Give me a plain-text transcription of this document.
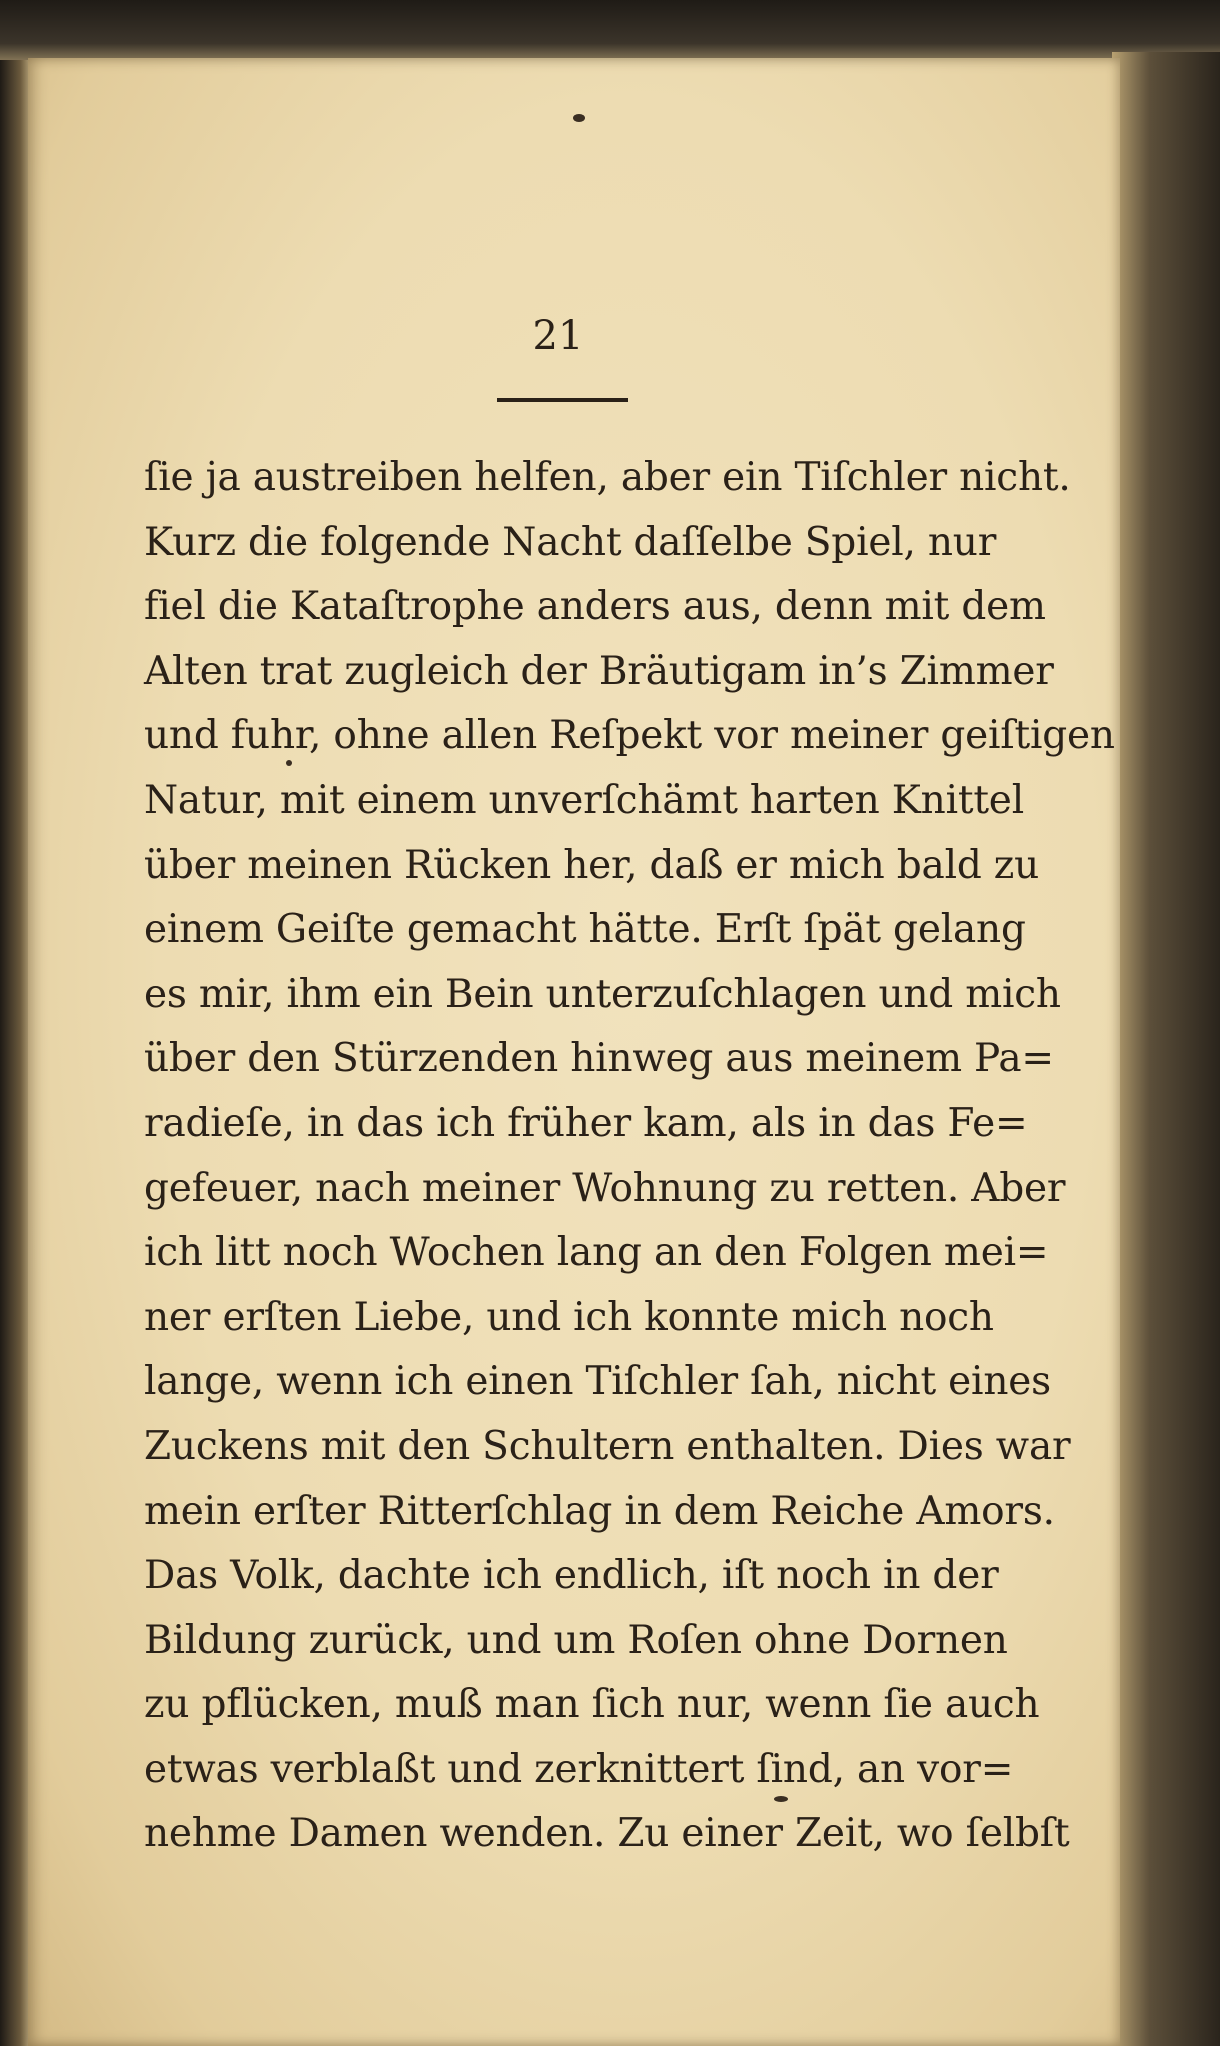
21
ſie ja austreiben helfen, aber ein Tiſchler nicht.
Kurz die folgende Nacht daſſelbe Spiel, nur
fiel die Kataſtrophe anders aus, denn mit dem
Alten trat zugleich der Bräutigam in’s Zimmer
und fuhr, ohne allen Reſpekt vor meiner geiſtigen
Natur, mit einem unverſchämt harten Knittel
über meinen Rücken her, daß er mich bald zu
einem Geiſte gemacht hätte. Erſt ſpät gelang
es mir, ihm ein Bein unterzuſchlagen und mich
über den Stürzenden hinweg aus meinem Pa=
radieſe, in das ich früher kam, als in das Fe=
gefeuer, nach meiner Wohnung zu retten. Aber
ich litt noch Wochen lang an den Folgen mei=
ner erſten Liebe, und ich konnte mich noch
lange, wenn ich einen Tiſchler ſah, nicht eines
Zuckens mit den Schultern enthalten. Dies war
mein erſter Ritterſchlag in dem Reiche Amors.
Das Volk, dachte ich endlich, iſt noch in der
Bildung zurück, und um Roſen ohne Dornen
zu pflücken, muß man ſich nur, wenn ſie auch
etwas verblaßt und zerknittert ſind, an vor=
nehme Damen wenden. Zu einer Zeit, wo ſelbſt
